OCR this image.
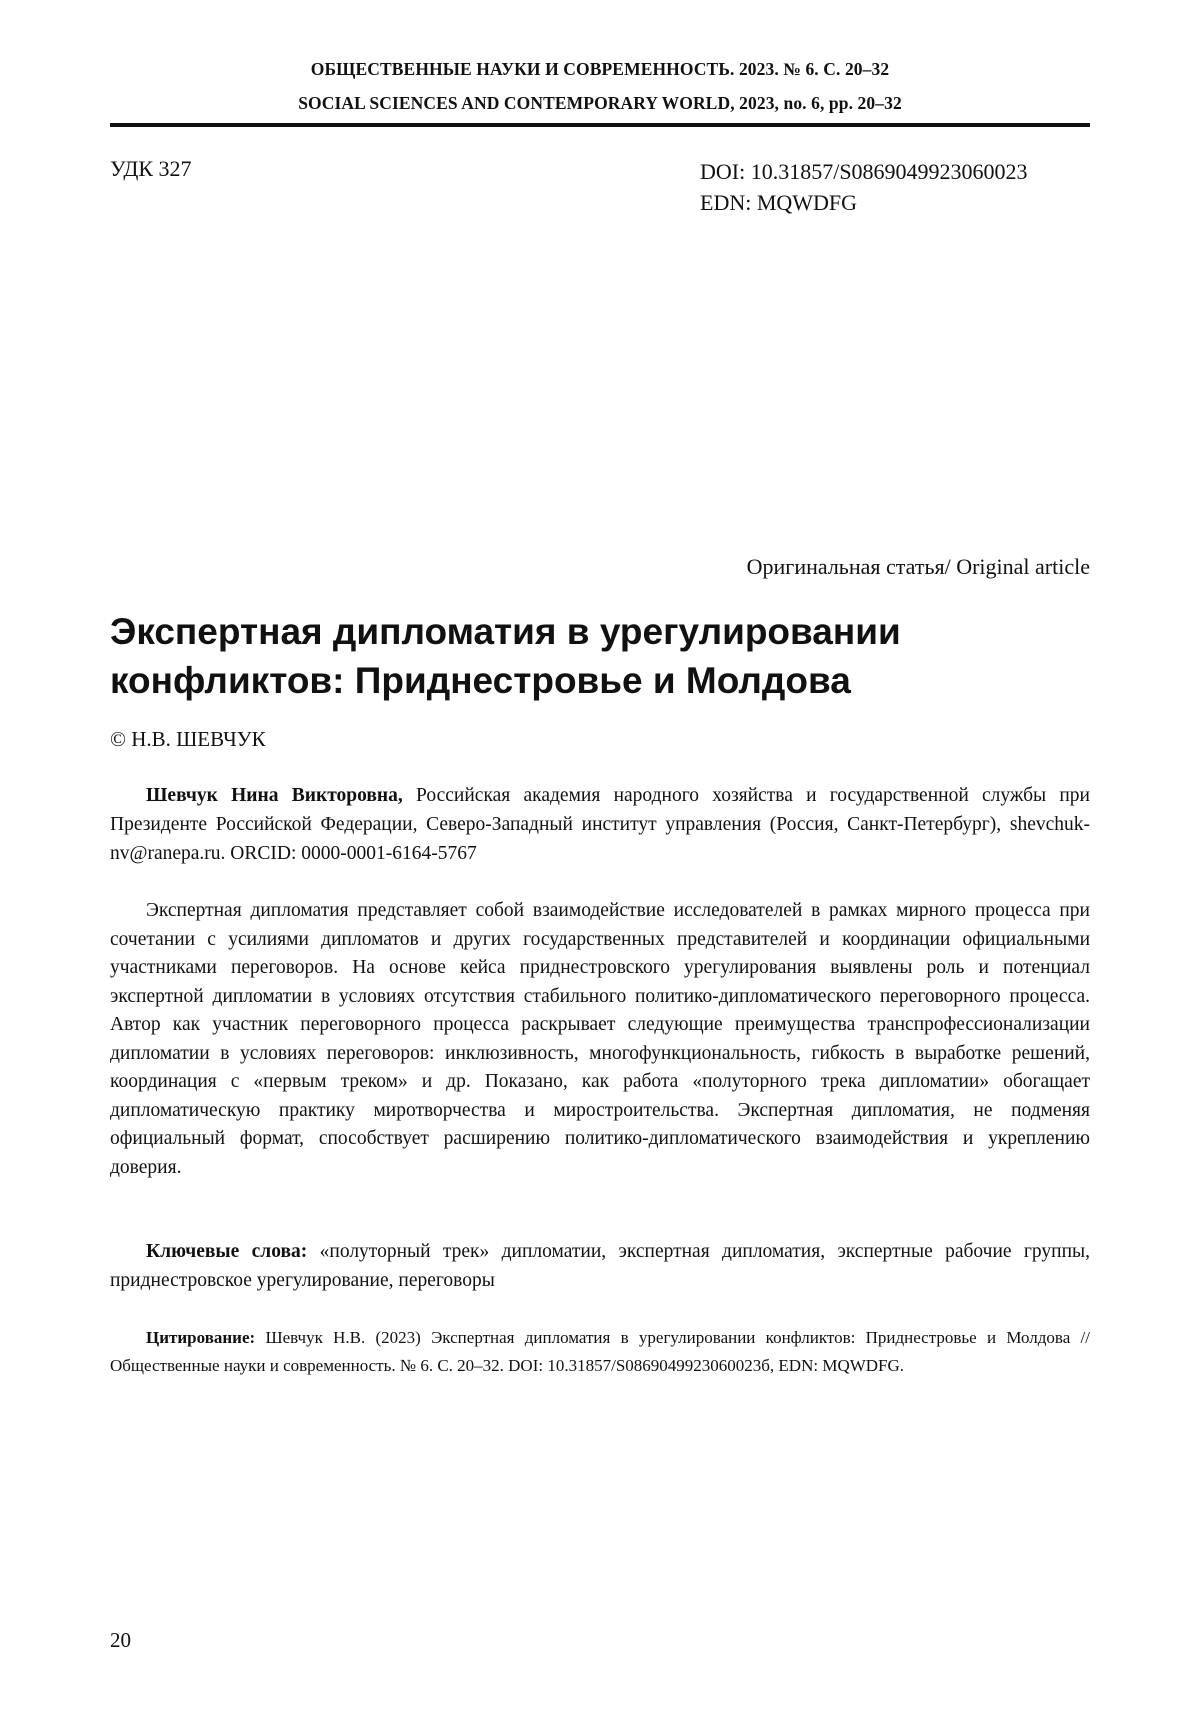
ОБЩЕСТВЕННЫЕ НАУКИ И СОВРЕМЕННОСТЬ. 2023. № 6. С. 20–32
SOCIAL SCIENCES AND CONTEMPORARY WORLD, 2023, no. 6, pp. 20–32
УДК 327	DOI: 10.31857/S0869049923060023
EDN: MQWDFG
Оригинальная статья/ Original article
Экспертная дипломатия в урегулировании
конфликтов: Приднестровье и Молдова
© Н.В. ШЕВЧУК

Шевчук Нина Викторовна, Российская академия народного хозяйства и государственной службы при Президенте Российской Федерации, Северо-Западный институт управления (Россия, Санкт-Петербург), shevchuk-nv@ranepa.ru. ORCID: 0000-0001-6164-5767

Экспертная дипломатия представляет собой взаимодействие исследователей в рамках мирного процесса при сочетании с усилиями дипломатов и других государственных представителей и координации официальными участниками переговоров. На основе кейса приднестровского урегулирования выявлены роль и потенциал экспертной дипломатии в условиях отсутствия стабильного политико-дипломатического переговорного процесса. Автор как участник переговорного процесса раскрывает следующие преимущества транспрофессионализации дипломатии в условиях переговоров: инклюзивность, многофункциональность, гибкость в выработке решений, координация с «первым треком» и др. Показано, как работа «полуторного трека дипломатии» обогащает дипломатическую практику миротворчества и миростроительства. Экспертная дипломатия, не подменяя официальный формат, способствует расширению политико-дипломатического взаимодействия и укреплению доверия.

Ключевые слова: «полуторный трек» дипломатии, экспертная дипломатия, экспертные рабочие группы, приднестровское урегулирование, переговоры

Цитирование: Шевчук Н.В. (2023) Экспертная дипломатия в урегулировании конфликтов: Приднестровье и Молдова // Общественные науки и современность. № 6. С. 20–32. DOI: 10.31857/S0869049923060023б, EDN: MQWDFG.

20
